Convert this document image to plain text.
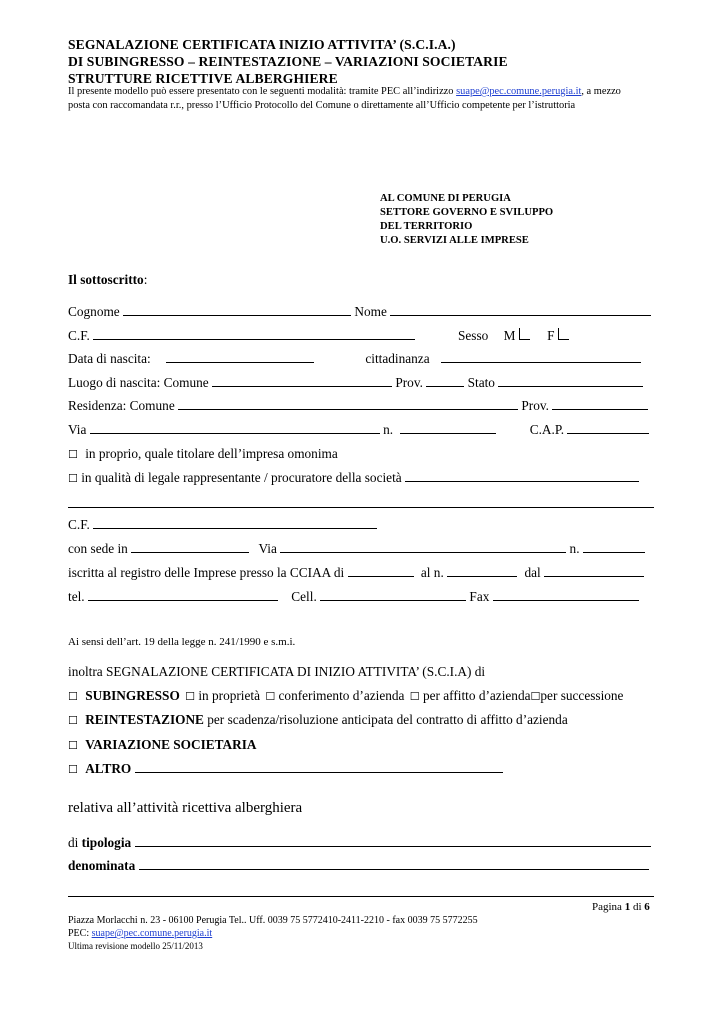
SEGNALAZIONE CERTIFICATA INIZIO ATTIVITA’ (S.C.I.A.)
DI SUBINGRESSO – REINTESTAZIONE – VARIAZIONI SOCIETARIE
STRUTTURE RICETTIVE ALBERGHIERE
Il presente modello può essere presentato con le seguenti modalità: tramite PEC all’indirizzo suape@pec.comune.perugia.it, a mezzo
posta con raccomandata r.r., presso l’Ufficio Protocollo del Comune o direttamente all’Ufficio competente per l’istruttoria
AL COMUNE DI PERUGIA
SETTORE GOVERNO E SVILUPPO
DEL TERRITORIO
U.O. SERVIZI ALLE IMPRESE
Il sottoscritto:
Cognome	Nome
C.F.	Sesso M F
Data di nascita:	cittadinanza
Luogo di nascita: Comune	Prov.	Stato
Residenza: Comune	Prov.
Via	n.	C.A.P.
☐ in proprio, quale titolare dell’impresa omonima
☐ in qualità di legale rappresentante / procuratore della società
C.F.
con sede in	Via	n.
iscritta al registro delle Imprese presso la CCIAA di	al n.	dal
tel.	Cell.	Fax
Ai sensi dell’art. 19 della legge n. 241/1990 e s.m.i.
inoltra SEGNALAZIONE CERTIFICATA DI INIZIO ATTIVITA’ (S.C.I.A) di
☐ SUBINGRESSO ☐ in proprietà ☐ conferimento d’azienda ☐ per affitto d’azienda☐per successione
☐ REINTESTAZIONE per scadenza/risoluzione anticipata del contratto di affitto d’azienda
☐ VARIAZIONE SOCIETARIA
☐ ALTRO
relativa all’attività ricettiva alberghiera
di tipologia
denominata
Pagina 1 di 6
Piazza Morlacchi n. 23 - 06100 Perugia Tel.. Uff. 0039 75 5772410-2411-2210 - fax 0039 75 5772255
PEC: suape@pec.comune.perugia.it
Ultima revisione modello 25/11/2013
